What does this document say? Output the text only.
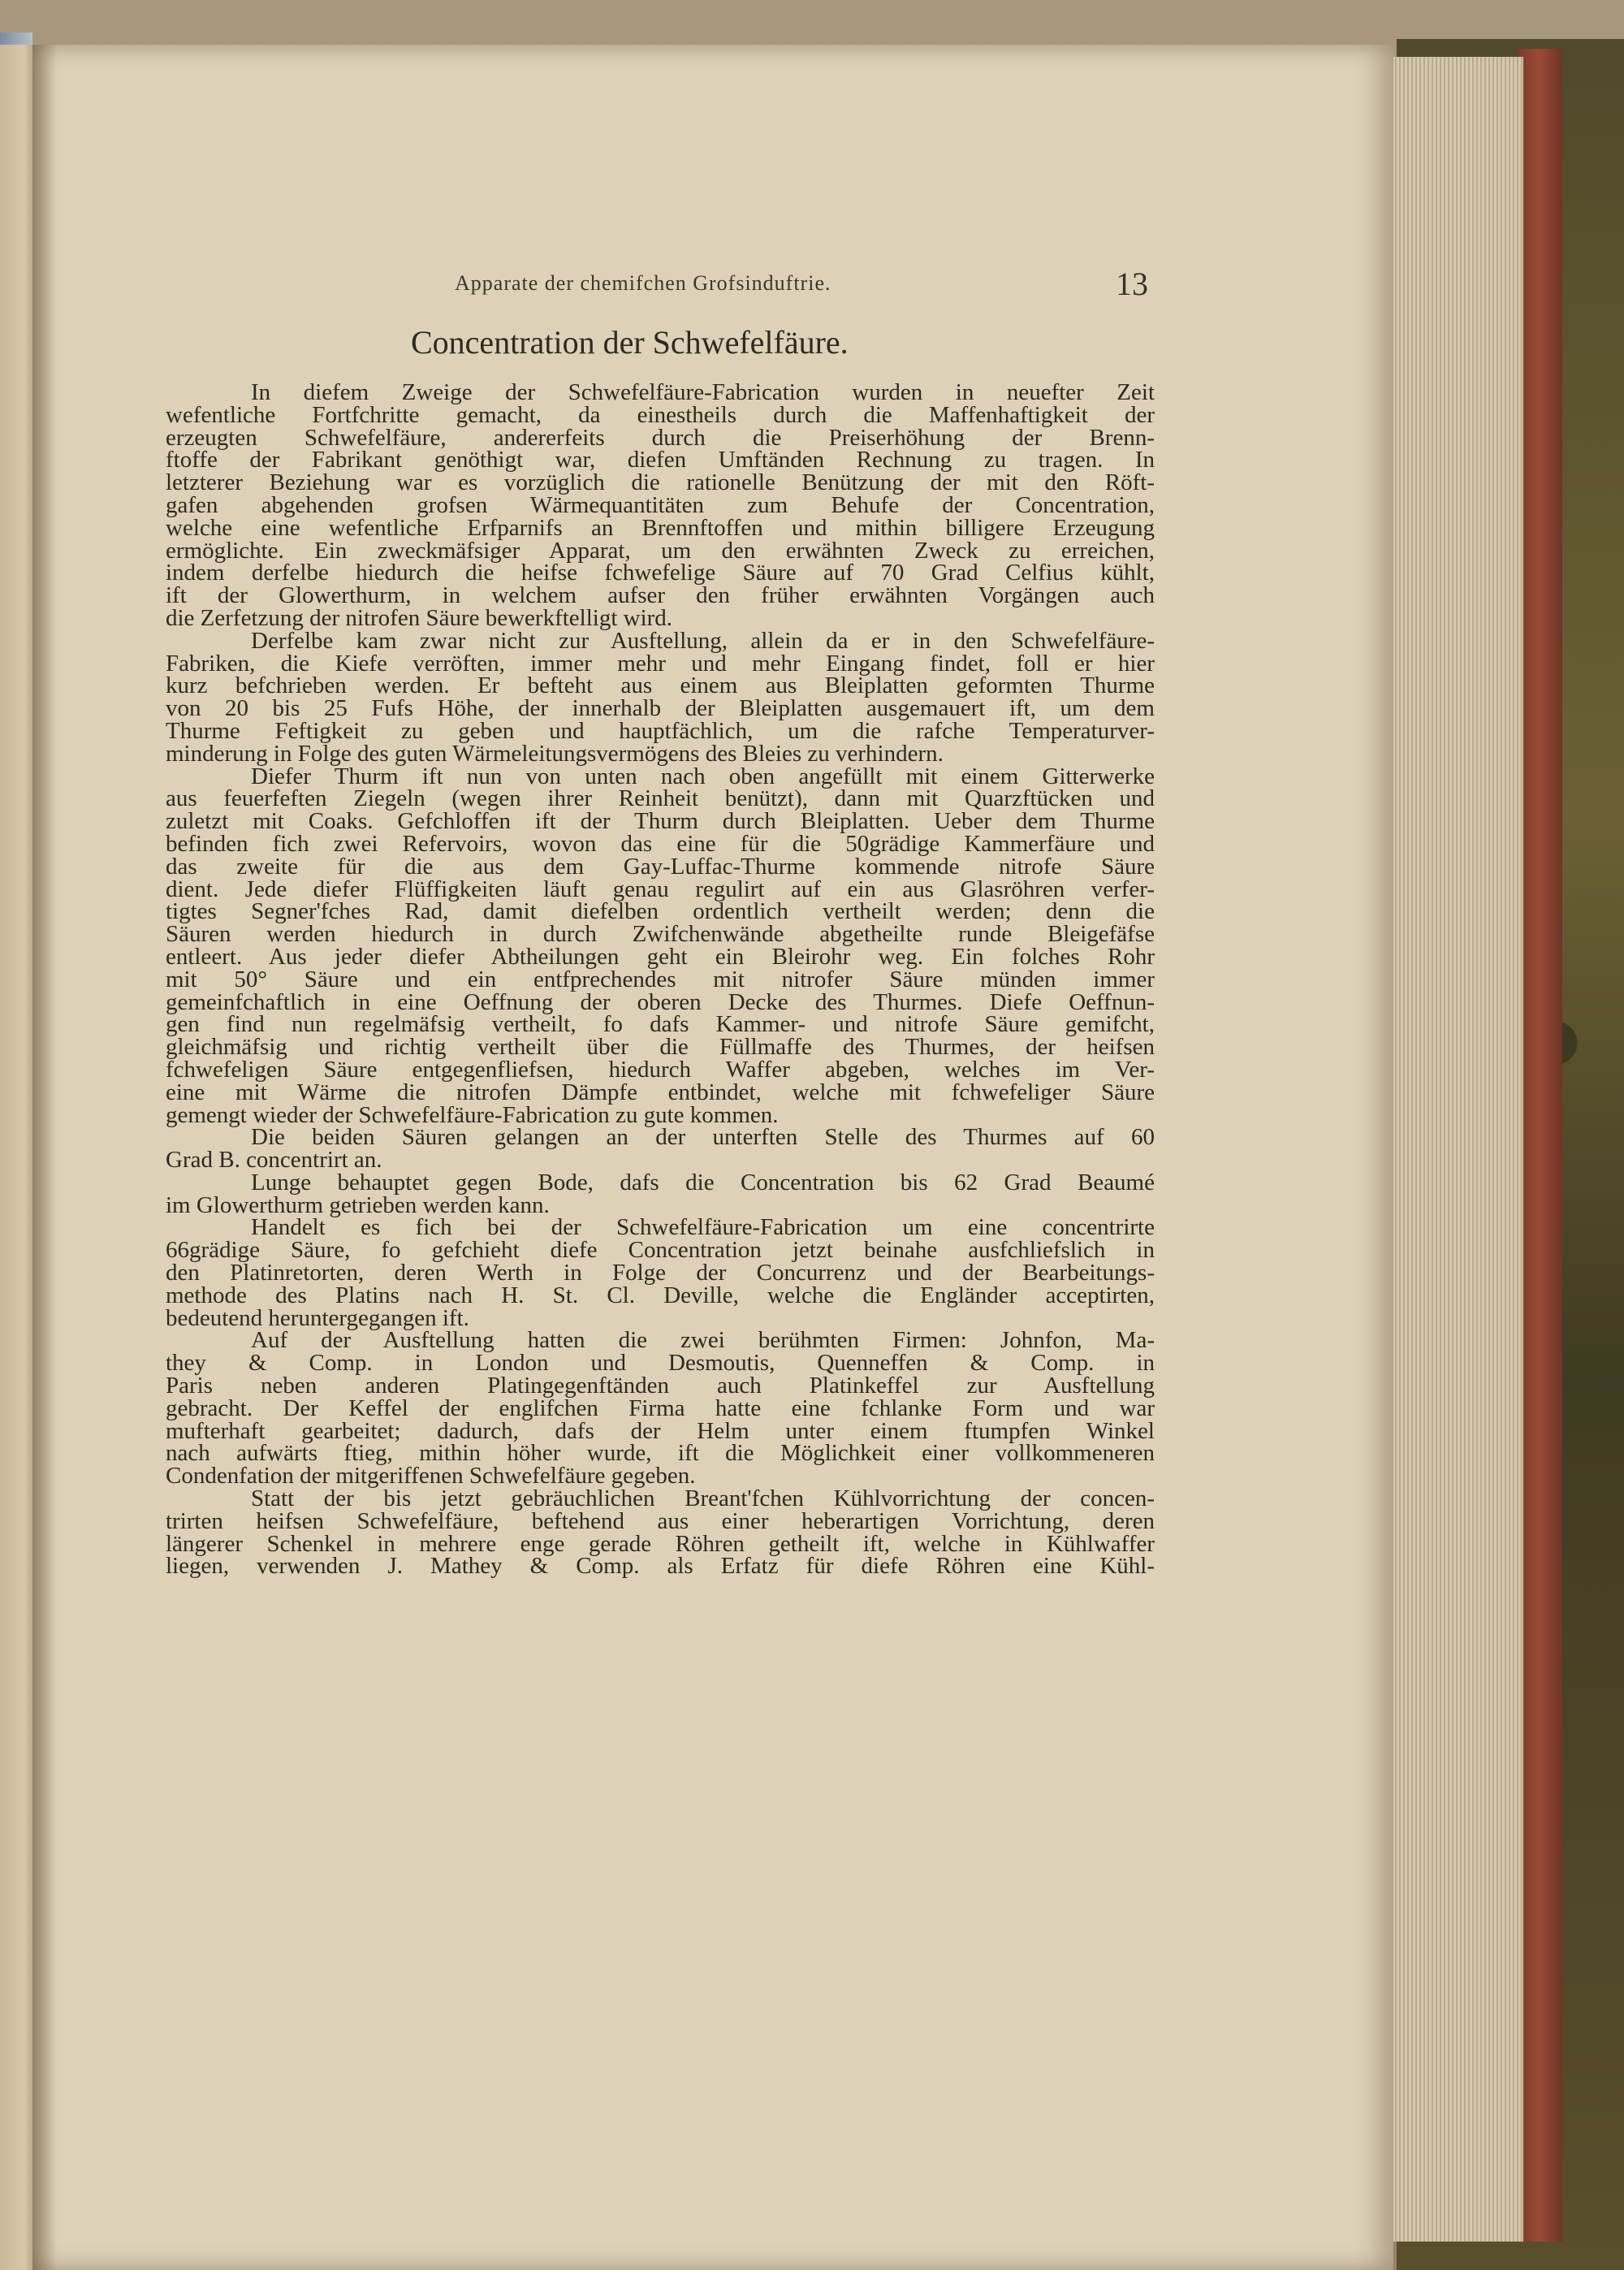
Apparate der chemifchen Grofsinduftrie.	13
Concentration der Schwefelfäure.

In diefem Zweige der Schwefelfäure-Fabrication wurden in neuefter Zeit

wefentliche Fortfchritte gemacht, da einestheils durch die Maffenhaftigkeit der

erzeugten Schwefelfäure, andererfeits durch die Preiserhöhung der Brenn-

ftoffe der Fabrikant genöthigt war, diefen Umftänden Rechnung zu tragen. In

letzterer Beziehung war es vorzüglich die rationelle Benützung der mit den Röft-

gafen abgehenden grofsen Wärmequantitäten zum Behufe der Concentration,

welche eine wefentliche Erfparnifs an Brennftoffen und mithin billigere Erzeugung

ermöglichte. Ein zweckmäfsiger Apparat, um den erwähnten Zweck zu erreichen,

indem derfelbe hiedurch die heifse fchwefelige Säure auf 70 Grad Celfius kühlt,

ift der Glowerthurm, in welchem aufser den früher erwähnten Vorgängen auch

die Zerfetzung der nitrofen Säure bewerkftelligt wird.

Derfelbe kam zwar nicht zur Ausftellung, allein da er in den Schwefelfäure-

Fabriken, die Kiefe verröften, immer mehr und mehr Eingang findet, foll er hier

kurz befchrieben werden. Er befteht aus einem aus Bleiplatten geformten Thurme

von 20 bis 25 Fufs Höhe, der innerhalb der Bleiplatten ausgemauert ift, um dem

Thurme Feftigkeit zu geben und hauptfächlich, um die rafche Temperaturver-

minderung in Folge des guten Wärmeleitungsvermögens des Bleies zu verhindern.

Diefer Thurm ift nun von unten nach oben angefüllt mit einem Gitterwerke

aus feuerfeften Ziegeln (wegen ihrer Reinheit benützt), dann mit Quarzftücken und

zuletzt mit Coaks. Gefchloffen ift der Thurm durch Bleiplatten. Ueber dem Thurme

befinden fich zwei Refervoirs, wovon das eine für die 50grädige Kammerfäure und

das zweite für die aus dem Gay-Luffac-Thurme kommende nitrofe Säure

dient. Jede diefer Flüffigkeiten läuft genau regulirt auf ein aus Glasröhren verfer-

tigtes Segner'fches Rad, damit diefelben ordentlich vertheilt werden; denn die

Säuren werden hiedurch in durch Zwifchenwände abgetheilte runde Bleigefäfse

entleert. Aus jeder diefer Abtheilungen geht ein Bleirohr weg. Ein folches Rohr

mit 50° Säure und ein entfprechendes mit nitrofer Säure münden immer

gemeinfchaftlich in eine Oeffnung der oberen Decke des Thurmes. Diefe Oeffnun-

gen find nun regelmäfsig vertheilt, fo dafs Kammer- und nitrofe Säure gemifcht,

gleichmäfsig und richtig vertheilt über die Füllmaffe des Thurmes, der heifsen

fchwefeligen Säure entgegenfliefsen, hiedurch Waffer abgeben, welches im Ver-

eine mit Wärme die nitrofen Dämpfe entbindet, welche mit fchwefeliger Säure

gemengt wieder der Schwefelfäure-Fabrication zu gute kommen.

Die beiden Säuren gelangen an der unterften Stelle des Thurmes auf 60

Grad B. concentrirt an.

Lunge behauptet gegen Bode, dafs die Concentration bis 62 Grad Beaumé

im Glowerthurm getrieben werden kann.

Handelt es fich bei der Schwefelfäure-Fabrication um eine concentrirte

66grädige Säure, fo gefchieht diefe Concentration jetzt beinahe ausfchliefslich in

den Platinretorten, deren Werth in Folge der Concurrenz und der Bearbeitungs-

methode des Platins nach H. St. Cl. Deville, welche die Engländer acceptirten,

bedeutend heruntergegangen ift.

Auf der Ausftellung hatten die zwei berühmten Firmen: Johnfon, Ma-

they & Comp. in London und Desmoutis, Quenneffen & Comp. in

Paris neben anderen Platingegenftänden auch Platinkeffel zur Ausftellung

gebracht. Der Keffel der englifchen Firma hatte eine fchlanke Form und war

mufterhaft gearbeitet; dadurch, dafs der Helm unter einem ftumpfen Winkel

nach aufwärts ftieg, mithin höher wurde, ift die Möglichkeit einer vollkommeneren

Condenfation der mitgeriffenen Schwefelfäure gegeben.

Statt der bis jetzt gebräuchlichen Breant'fchen Kühlvorrichtung der concen-

trirten heifsen Schwefelfäure, beftehend aus einer heberartigen Vorrichtung, deren

längerer Schenkel in mehrere enge gerade Röhren getheilt ift, welche in Kühlwaffer

liegen, verwenden J. Mathey & Comp. als Erfatz für diefe Röhren eine Kühl-
